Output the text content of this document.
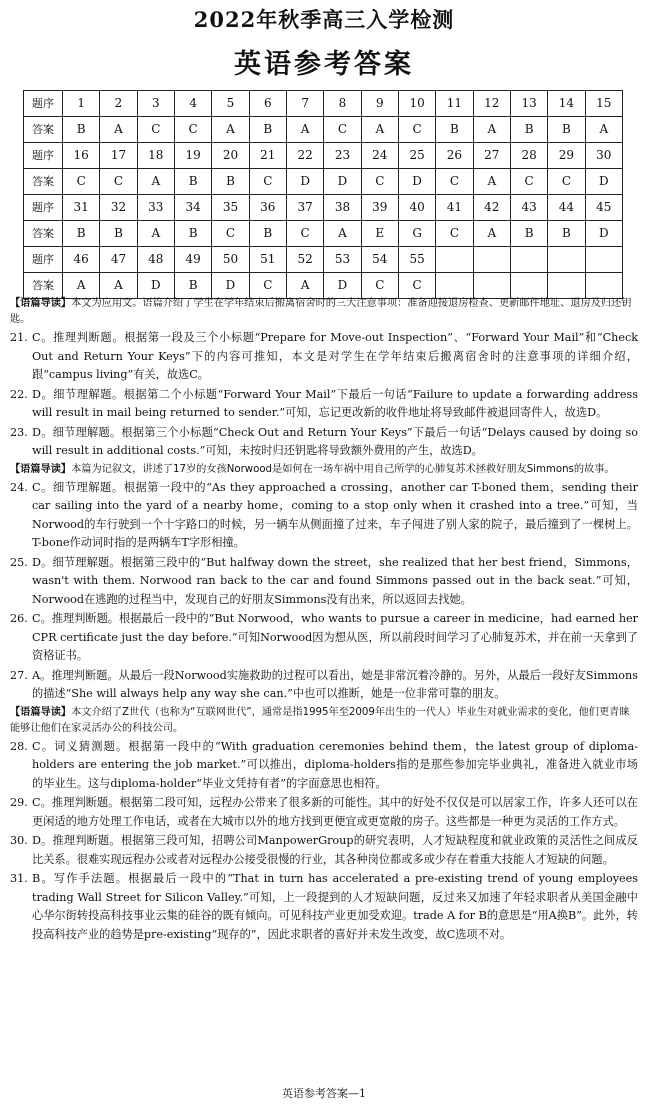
2022年秋季高三入学检测
英语参考答案
题序	1	2	3	4	5	6	7	8	9	10	11	12	13	14	15
答案	B	A	C	C	A	B	A	C	A	C	B	A	B	B	A
题序	16	17	18	19	20	21	22	23	24	25	26	27	28	29	30
答案	C	C	A	B	B	C	D	D	C	D	C	A	C	C	D
题序	31	32	33	34	35	36	37	38	39	40	41	42	43	44	45
答案	B	B	A	B	C	B	C	A	E	G	C	A	B	B	D
题序	46	47	48	49	50	51	52	53	54	55					
答案	A	A	D	B	D	C	A	D	C	C					

【语篇导读】本文为应用文。语篇介绍了学生在学年结束后搬离宿舍时的三大注意事项：准备迎接退房检查、更新邮件地址、退房及归还钥匙。

21. C。推理判断题。根据第一段及三个小标题“Prepare for Move-out Inspection”、“Forward Your Mail”和“Check Out and Return Your Keys”下的内容可推知，本文是对学生在学年结束后搬离宿舍时的注意事项的详细介绍，跟“campus living”有关，故选C。

22. D。细节理解题。根据第二个小标题“Forward Your Mail”下最后一句话“Failure to update a forwarding address will result in mail being returned to sender.”可知，忘记更改新的收件地址将导致邮件被退回寄件人，故选D。

23. D。细节理解题。根据第三个小标题“Check Out and Return Your Keys”下最后一句话“Delays caused by doing so will result in additional costs.”可知，未按时归还钥匙将导致额外费用的产生，故选D。

【语篇导读】本篇为记叙文，讲述了17岁的女孩Norwood是如何在一场车祸中用自己所学的心肺复苏术拯救好朋友Simmons的故事。

24. C。细节理解题。根据第一段中的“As they approached a crossing，another car T-boned them，sending their car sailing into the yard of a nearby home，coming to a stop only when it crashed into a tree.”可知，当Norwood的车行驶到一个十字路口的时候，另一辆车从侧面撞了过来，车子闯进了别人家的院子，最后撞到了一棵树上。T-bone作动词时指的是两辆车T字形相撞。

25. D。细节理解题。根据第三段中的“But halfway down the street，she realized that her best friend，Simmons，wasn't with them. Norwood ran back to the car and found Simmons passed out in the back seat.”可知，Norwood在逃跑的过程当中，发现自己的好朋友Simmons没有出来，所以返回去找她。

26. C。推理判断题。根据最后一段中的“But Norwood，who wants to pursue a career in medicine，had earned her CPR certificate just the day before.”可知Norwood因为想从医，所以前段时间学习了心肺复苏术，并在前一天拿到了资格证书。

27. A。推理判断题。从最后一段Norwood实施救助的过程可以看出，她是非常沉着冷静的。另外，从最后一段好友Simmons的描述“She will always help any way she can.”中也可以推断，她是一位非常可靠的朋友。

【语篇导读】本文介绍了Z世代（也称为“互联网世代”，通常是指1995年至2009年出生的一代人）毕业生对就业需求的变化，他们更青睐能够让他们在家灵活办公的科技公司。

28. C。词义猜测题。根据第一段中的“With graduation ceremonies behind them，the latest group of diploma-holders are entering the job market.”可以推出，diploma-holders指的是那些参加完毕业典礼，准备进入就业市场的毕业生。这与diploma-holder“毕业文凭持有者”的字面意思也相符。

29. C。推理判断题。根据第二段可知，远程办公带来了很多新的可能性。其中的好处不仅仅是可以居家工作，许多人还可以在更闲适的地方处理工作电话，或者在大城市以外的地方找到更便宜或更宽敞的房子。这些都是一种更为灵活的工作方式。

30. D。推理判断题。根据第三段可知，招聘公司ManpowerGroup的研究表明，人才短缺程度和就业政策的灵活性之间成反比关系。很难实现远程办公或者对远程办公接受很慢的行业，其各种岗位都或多或少存在着重大技能人才短缺的问题。

31. B。写作手法题。根据最后一段中的“That in turn has accelerated a pre-existing trend of young employees trading Wall Street for Silicon Valley.”可知，上一段提到的人才短缺问题，反过来又加速了年轻求职者从美国金融中心华尔街转投高科技事业云集的硅谷的既有倾向。可见科技产业更加受欢迎。trade A for B的意思是“用A换B”。此外，转投高科技产业的趋势是pre-existing“现存的”，因此求职者的喜好并未发生改变，故C选项不对。

英语参考答案—1
